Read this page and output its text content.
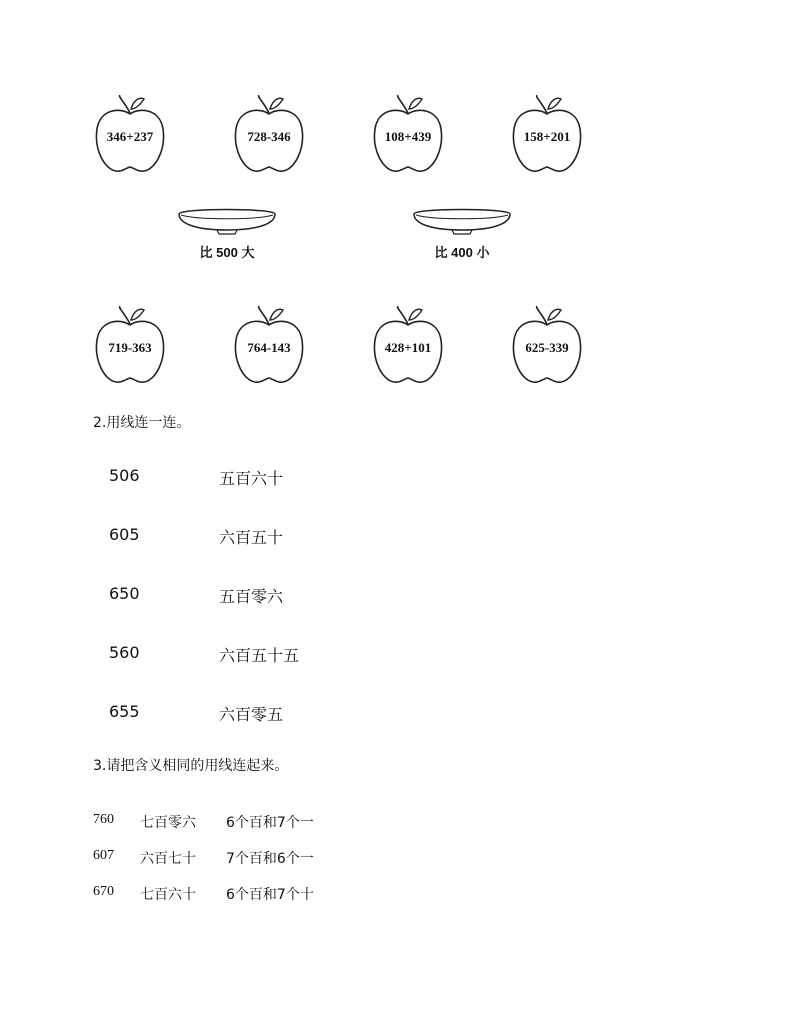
346+237	728-346	108+439	158+201
比 500 大	比 400 小
719-363	764-143	428+101	625-339
2.用线连一连。
506	五百六十
605	六百五十
650	五百零六
560	六百五十五
655	六百零五
3.请把含义相同的用线连起来。
760 七百零六 6个百和7个一
607 六百七十 7个百和6个一
670 七百六十 6个百和7个十
